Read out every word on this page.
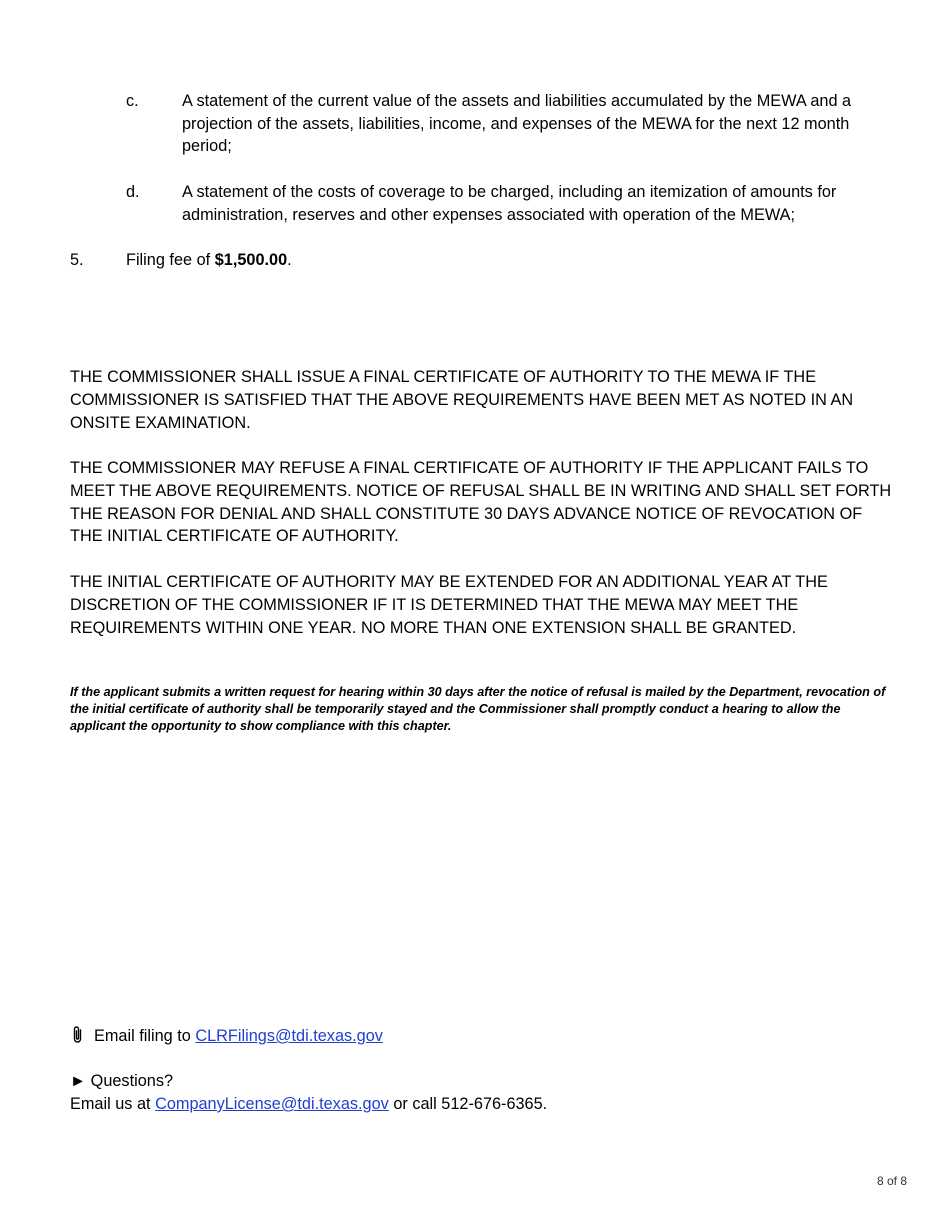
c.	A statement of the current value of the assets and liabilities accumulated by the MEWA and a projection of the assets, liabilities, income, and expenses of the MEWA for the next 12 month period;
d.	A statement of the costs of coverage to be charged, including an itemization of amounts for administration, reserves and other expenses associated with operation of the MEWA;
5.	Filing fee of $1,500.00.
THE COMMISSIONER SHALL ISSUE A FINAL CERTIFICATE OF AUTHORITY TO THE MEWA IF THE COMMISSIONER IS SATISFIED THAT THE ABOVE REQUIREMENTS HAVE BEEN MET AS NOTED IN AN ONSITE EXAMINATION.
THE COMMISSIONER MAY REFUSE A FINAL CERTIFICATE OF AUTHORITY IF THE APPLICANT FAILS TO MEET THE ABOVE REQUIREMENTS. NOTICE OF REFUSAL SHALL BE IN WRITING AND SHALL SET FORTH THE REASON FOR DENIAL AND SHALL CONSTITUTE 30 DAYS ADVANCE NOTICE OF REVOCATION OF THE INITIAL CERTIFICATE OF AUTHORITY.
THE INITIAL CERTIFICATE OF AUTHORITY MAY BE EXTENDED FOR AN ADDITIONAL YEAR AT THE DISCRETION OF THE COMMISSIONER IF IT IS DETERMINED THAT THE MEWA MAY MEET THE REQUIREMENTS WITHIN ONE YEAR. NO MORE THAN ONE EXTENSION SHALL BE GRANTED.
If the applicant submits a written request for hearing within 30 days after the notice of refusal is mailed by the Department, revocation of the initial certificate of authority shall be temporarily stayed and the Commissioner shall promptly conduct a hearing to allow the applicant the opportunity to show compliance with this chapter.
Email filing to CLRFilings@tdi.texas.gov
► Questions?
Email us at CompanyLicense@tdi.texas.gov or call 512-676-6365.
8 of 8
